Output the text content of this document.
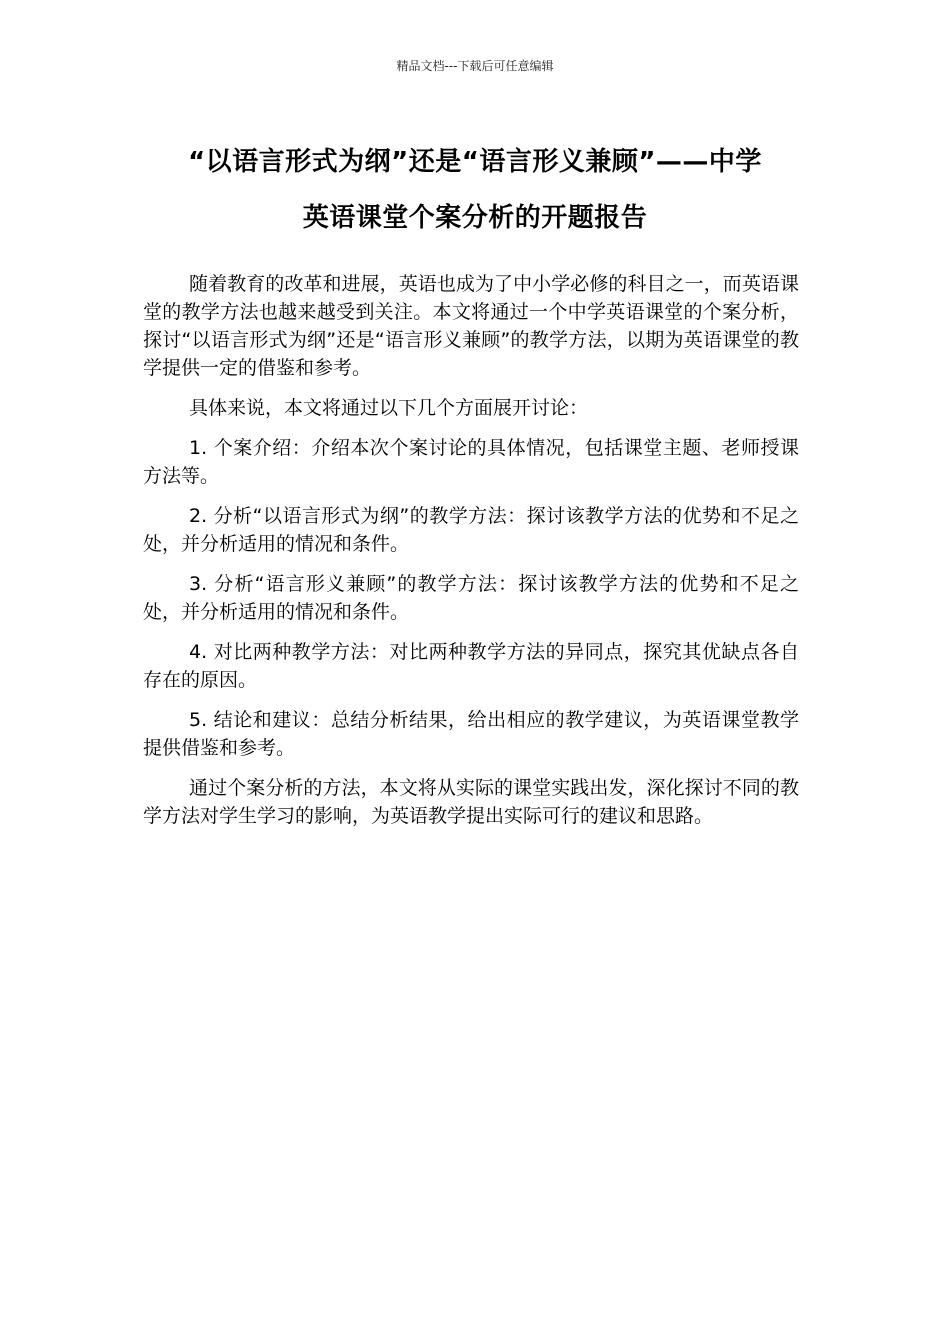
精品文档---下载后可任意编辑
“以语言形式为纲”还是“语言形义兼顾”——中学
英语课堂个案分析的开题报告

随着教育的改革和进展，英语也成为了中小学必修的科目之一，而英语课堂的教学方法也越来越受到关注。本文将通过一个中学英语课堂的个案分析，探讨“以语言形式为纲”还是“语言形义兼顾”的教学方法，以期为英语课堂的教学提供一定的借鉴和参考。

具体来说，本文将通过以下几个方面展开讨论：

1. 个案介绍：介绍本次个案讨论的具体情况，包括课堂主题、老师授课方法等。

2. 分析“以语言形式为纲”的教学方法：探讨该教学方法的优势和不足之处，并分析适用的情况和条件。

3. 分析“语言形义兼顾”的教学方法：探讨该教学方法的优势和不足之处，并分析适用的情况和条件。

4. 对比两种教学方法：对比两种教学方法的异同点，探究其优缺点各自存在的原因。

5. 结论和建议：总结分析结果，给出相应的教学建议，为英语课堂教学提供借鉴和参考。

通过个案分析的方法，本文将从实际的课堂实践出发，深化探讨不同的教学方法对学生学习的影响，为英语教学提出实际可行的建议和思路。
